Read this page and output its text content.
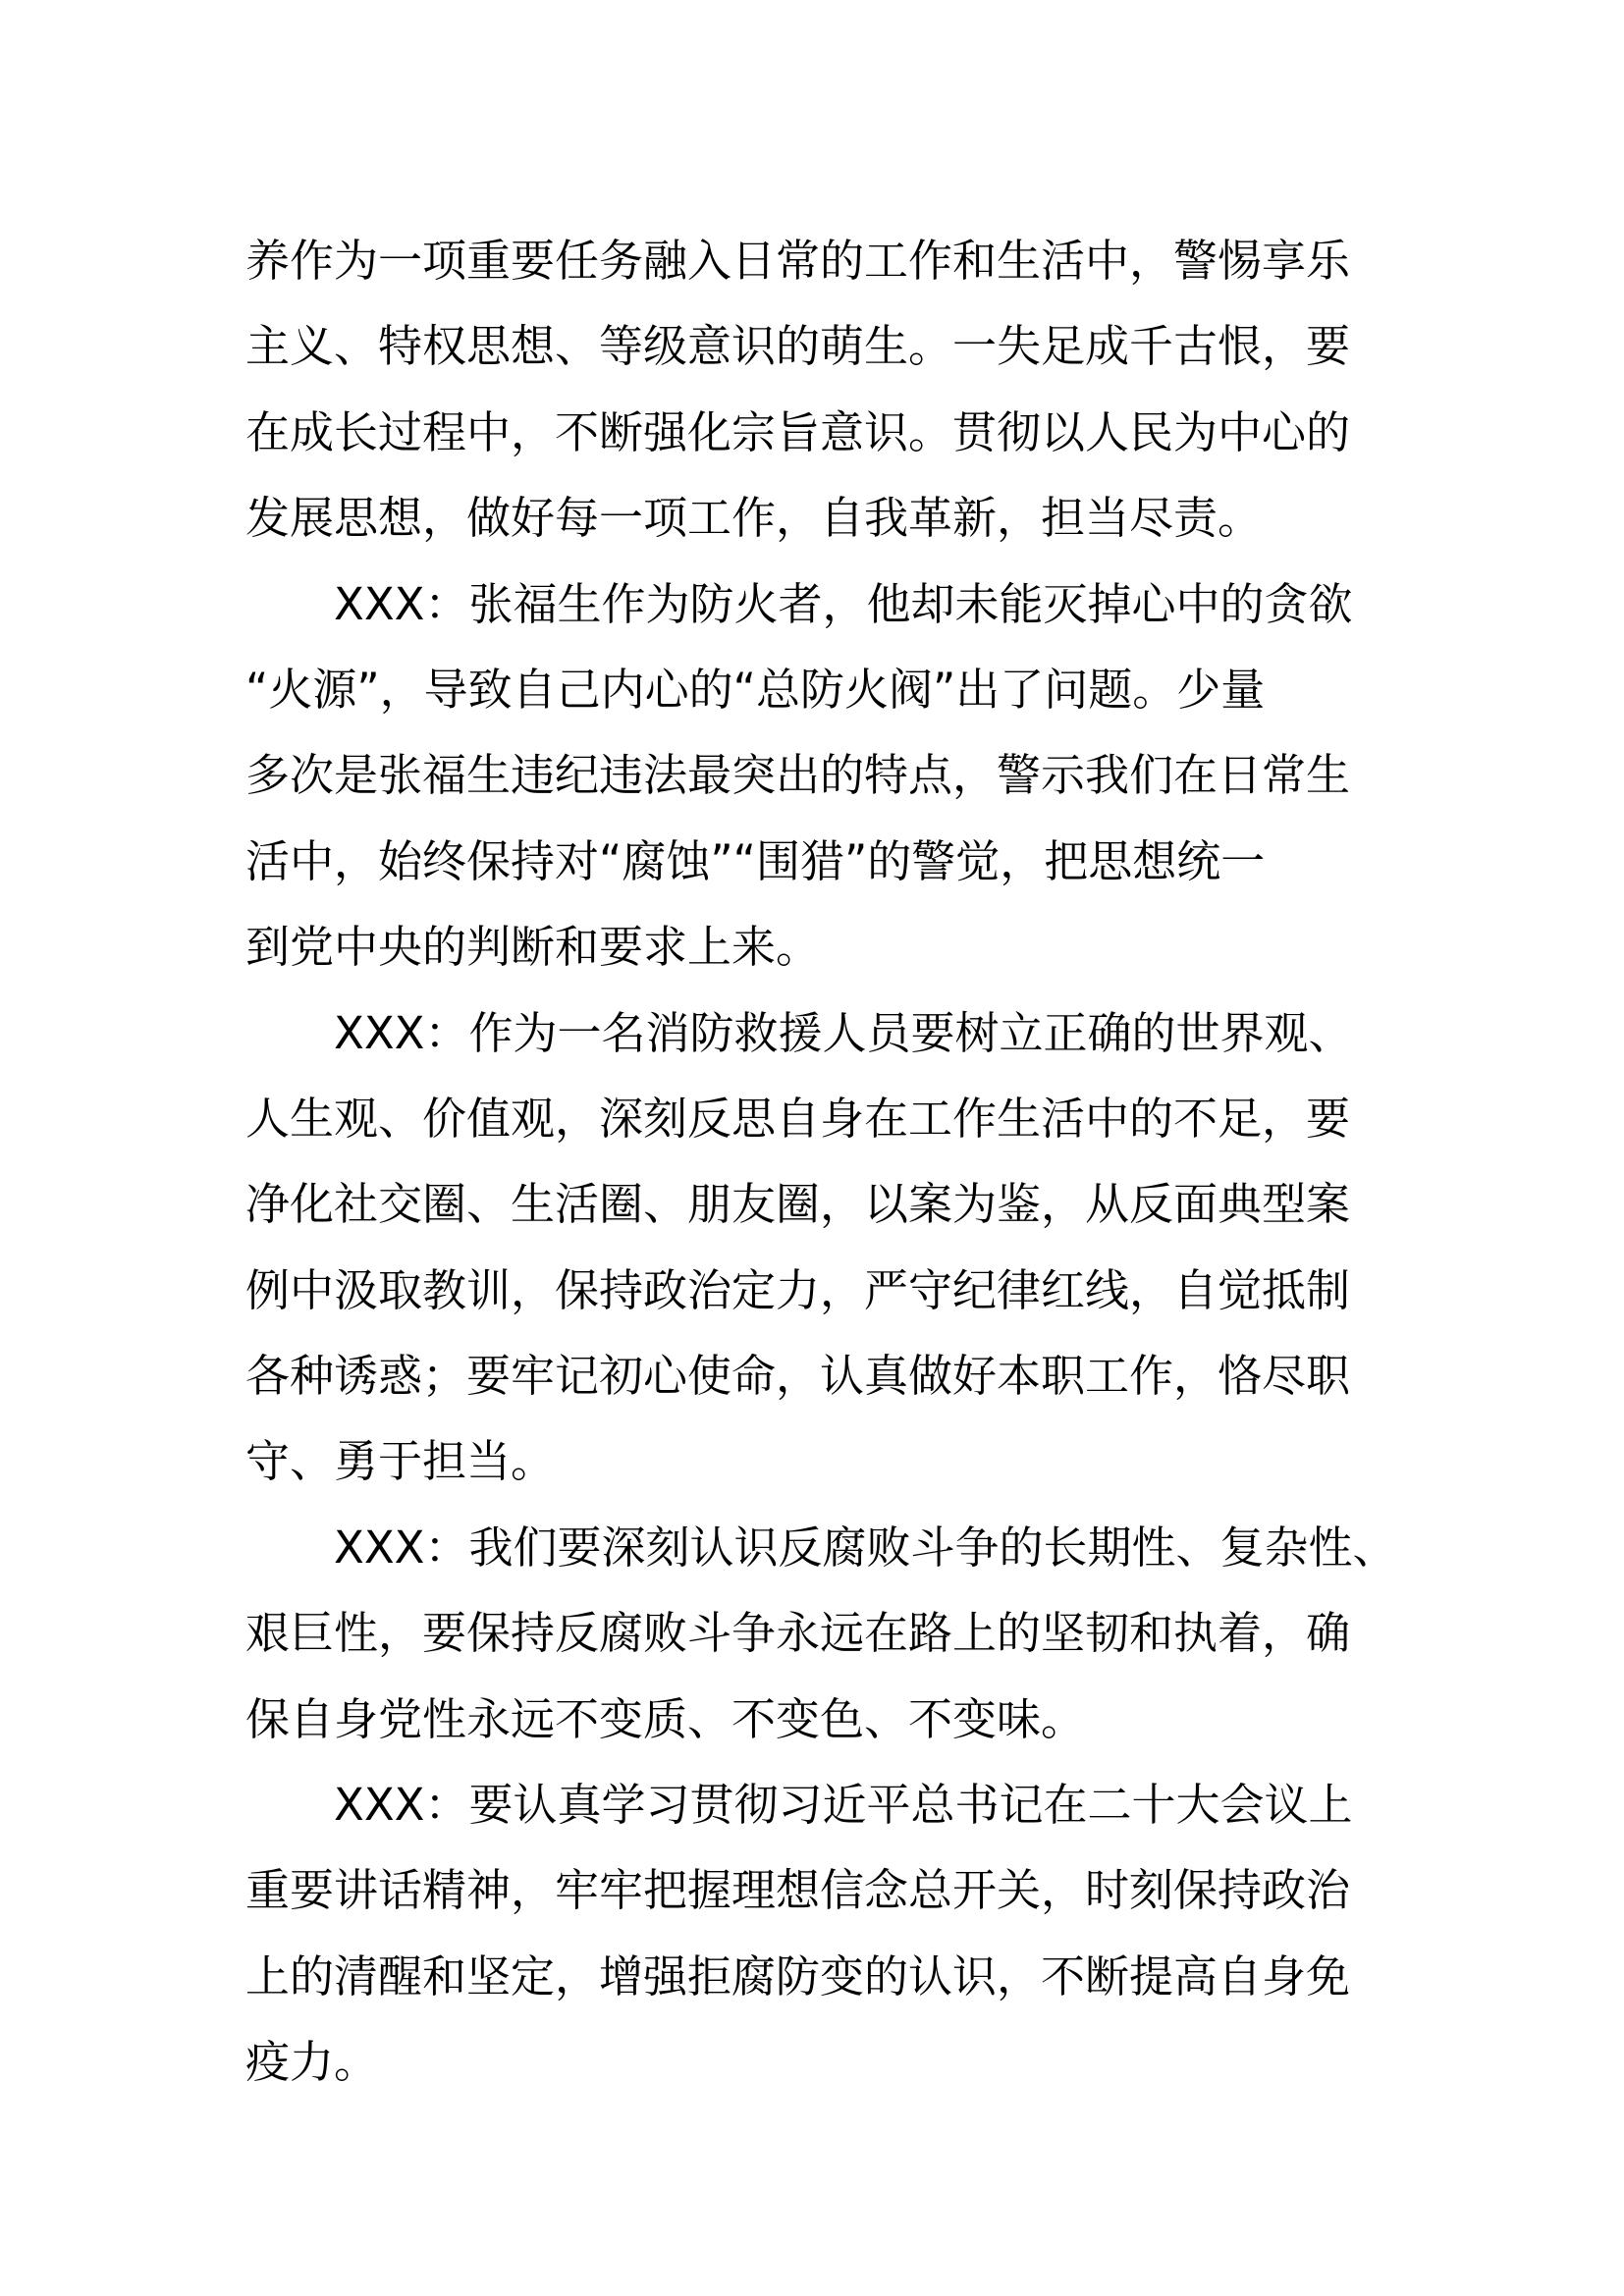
养作为一项重要任务融入日常的工作和生活中，警惕享乐
主义、特权思想、等级意识的萌生。一失足成千古恨，要
在成长过程中，不断强化宗旨意识。贯彻以人民为中心的
发展思想，做好每一项工作，自我革新，担当尽责。
XXX：张福生作为防火者，他却未能灭掉心中的贪欲
“火源”，导致自己内心的“总防火阀”出了问题。少量
多次是张福生违纪违法最突出的特点，警示我们在日常生
活中，始终保持对“腐蚀”“围猎”的警觉，把思想统一
到党中央的判断和要求上来。
XXX：作为一名消防救援人员要树立正确的世界观、
人生观、价值观，深刻反思自身在工作生活中的不足，要
净化社交圈、生活圈、朋友圈，以案为鉴，从反面典型案
例中汲取教训，保持政治定力，严守纪律红线，自觉抵制
各种诱惑；要牢记初心使命，认真做好本职工作，恪尽职
守、勇于担当。
XXX：我们要深刻认识反腐败斗争的长期性、复杂性、
艰巨性，要保持反腐败斗争永远在路上的坚韧和执着，确
保自身党性永远不变质、不变色、不变味。
XXX：要认真学习贯彻习近平总书记在二十大会议上
重要讲话精神，牢牢把握理想信念总开关，时刻保持政治
上的清醒和坚定，增强拒腐防变的认识，不断提高自身免
疫力。
